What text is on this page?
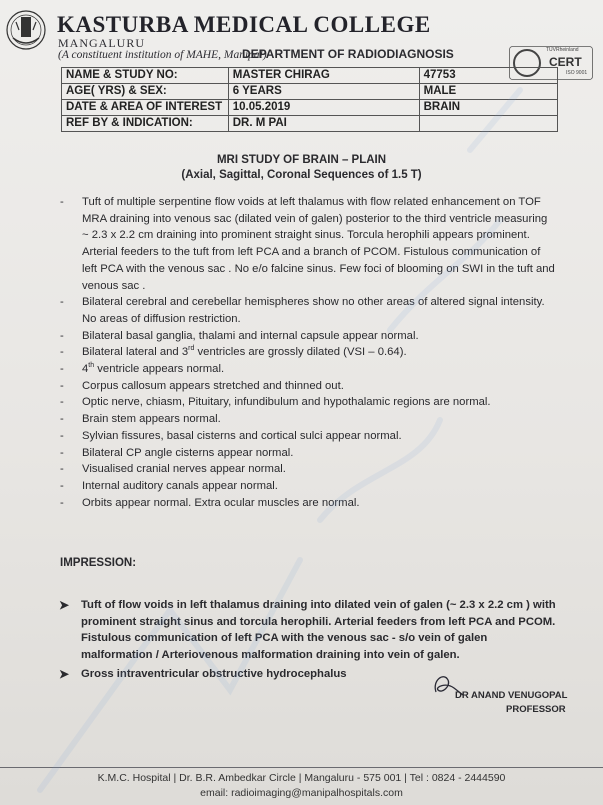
KASTURBA MEDICAL COLLEGE
MANGALURU
(A constituent institution of MAHE, Manipal)
DEPARTMENT OF RADIODIAGNOSIS	TÜVRheinland
CERT
ISO 9001
NAME & STUDY NO:	MASTER CHIRAG	47753
AGE( YRS) & SEX:	6 YEARS	MALE
DATE & AREA OF INTEREST	10.05.2019	BRAIN
REF BY & INDICATION:	DR. M PAI	
MRI STUDY OF BRAIN – PLAIN
(Axial, Sagittal, Coronal Sequences of 1.5 T)
- Tuft of multiple serpentine flow voids at left thalamus with flow related enhancement on TOF MRA draining into venous sac (dilated vein of galen) posterior to the third ventricle measuring ~ 2.3 x 2.2 cm draining into prominent straight sinus. Torcula herophili appears prominent. Arterial feeders to the tuft from left PCA and a branch of PCOM. Fistulous communication of left PCA with the venous sac . No e/o falcine sinus. Few foci of blooming on SWI in the tuft and venous sac .
- Bilateral cerebral and cerebellar hemispheres show no other areas of altered signal intensity. No areas of diffusion restriction.
- Bilateral basal ganglia, thalami and internal capsule appear normal.
- Bilateral lateral and 3rd ventricles are grossly dilated (VSI – 0.64).
- 4th ventricle appears normal.
- Corpus callosum appears stretched and thinned out.
- Optic nerve, chiasm, Pituitary, infundibulum and hypothalamic regions are normal.
- Brain stem appears normal.
- Sylvian fissures, basal cisterns and cortical sulci appear normal.
- Bilateral CP angle cisterns appear normal.
- Visualised cranial nerves appear normal.
- Internal auditory canals appear normal.
- Orbits appear normal. Extra ocular muscles are normal.
IMPRESSION:
➤ Tuft of flow voids in left thalamus draining into dilated vein of galen (~ 2.3 x 2.2 cm ) with prominent straight sinus and torcula herophili. Arterial feeders from left PCA and PCOM. Fistulous communication of left PCA with the venous sac - s/o vein of galen malformation / Arteriovenous malformation draining into vein of galen.
➤ Gross intraventricular obstructive hydrocephalus
DR ANAND VENUGOPAL
PROFESSOR
K.M.C. Hospital | Dr. B.R. Ambedkar Circle | Mangaluru - 575 001 | Tel : 0824 - 2444590
email: radioimaging@manipalhospitals.com
